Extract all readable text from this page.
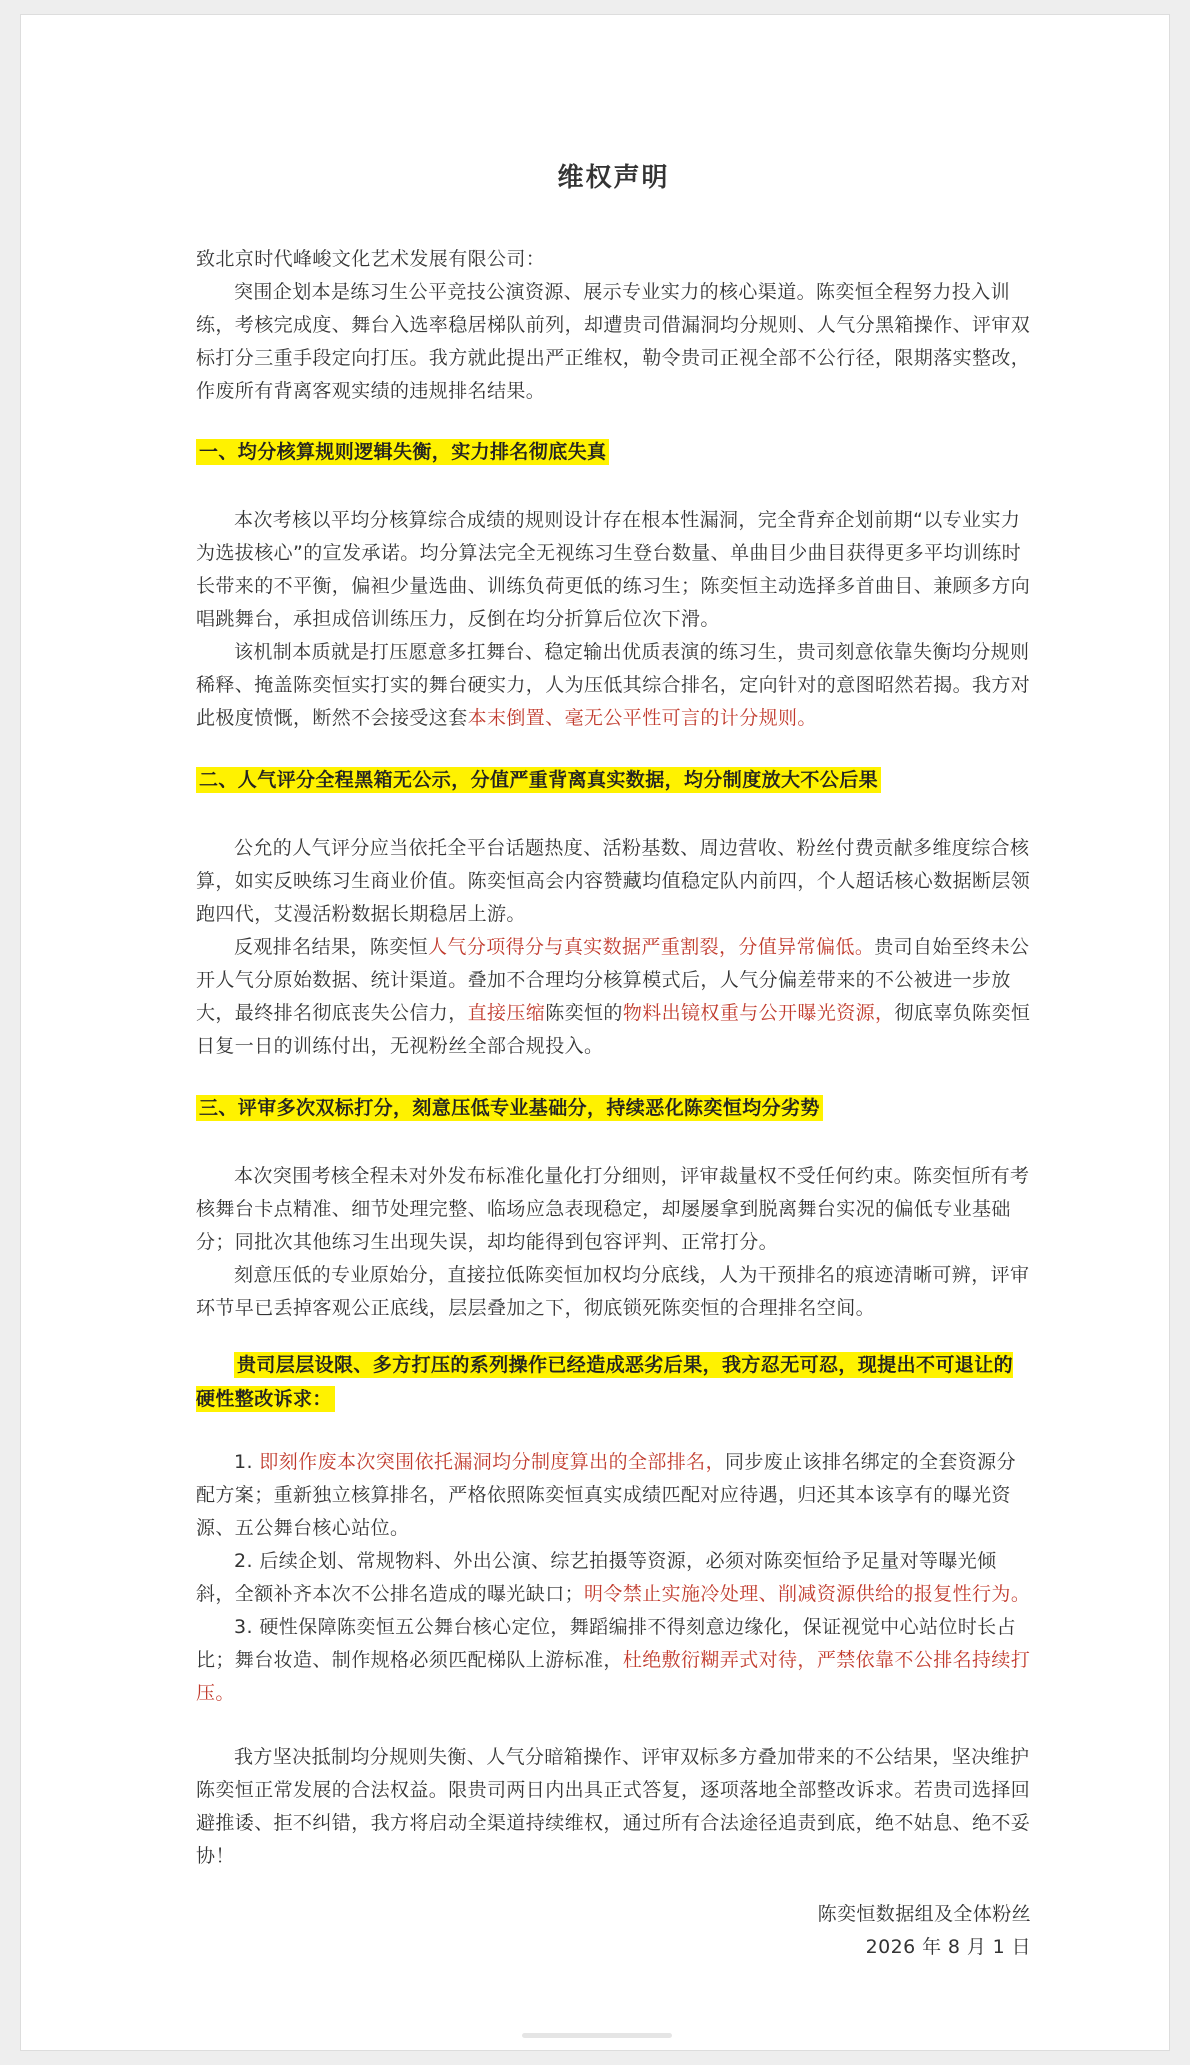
维权声明

致北京时代峰峻文化艺术发展有限公司：

突围企划本是练习生公平竞技公演资源、展示专业实力的核心渠道。陈奕恒全程努力投入训练，考核完成度、舞台入选率稳居梯队前列，却遭贵司借漏洞均分规则、人气分黑箱操作、评审双标打分三重手段定向打压。我方就此提出严正维权，勒令贵司正视全部不公行径，限期落实整改，作废所有背离客观实绩的违规排名结果。

一、均分核算规则逻辑失衡，实力排名彻底失真

本次考核以平均分核算综合成绩的规则设计存在根本性漏洞，完全背弃企划前期“以专业实力为选拔核心”的宣发承诺。均分算法完全无视练习生登台数量、单曲目少曲目获得更多平均训练时长带来的不平衡，偏袒少量选曲、训练负荷更低的练习生；陈奕恒主动选择多首曲目、兼顾多方向唱跳舞台，承担成倍训练压力，反倒在均分折算后位次下滑。

该机制本质就是打压愿意多扛舞台、稳定输出优质表演的练习生，贵司刻意依靠失衡均分规则稀释、掩盖陈奕恒实打实的舞台硬实力，人为压低其综合排名，定向针对的意图昭然若揭。我方对此极度愤慨，断然不会接受这套本末倒置、毫无公平性可言的计分规则。

二、人气评分全程黑箱无公示，分值严重背离真实数据，均分制度放大不公后果

公允的人气评分应当依托全平台话题热度、活粉基数、周边营收、粉丝付费贡献多维度综合核算，如实反映练习生商业价值。陈奕恒高会内容赞藏均值稳定队内前四，个人超话核心数据断层领跑四代，艾漫活粉数据长期稳居上游。

反观排名结果，陈奕恒人气分项得分与真实数据严重割裂，分值异常偏低。贵司自始至终未公开人气分原始数据、统计渠道。叠加不合理均分核算模式后，人气分偏差带来的不公被进一步放大，最终排名彻底丧失公信力，直接压缩陈奕恒的物料出镜权重与公开曝光资源，彻底辜负陈奕恒日复一日的训练付出，无视粉丝全部合规投入。

三、评审多次双标打分，刻意压低专业基础分，持续恶化陈奕恒均分劣势

本次突围考核全程未对外发布标准化量化打分细则，评审裁量权不受任何约束。陈奕恒所有考核舞台卡点精准、细节处理完整、临场应急表现稳定，却屡屡拿到脱离舞台实况的偏低专业基础分；同批次其他练习生出现失误，却均能得到包容评判、正常打分。

刻意压低的专业原始分，直接拉低陈奕恒加权均分底线，人为干预排名的痕迹清晰可辨，评审环节早已丢掉客观公正底线，层层叠加之下，彻底锁死陈奕恒的合理排名空间。

贵司层层设限、多方打压的系列操作已经造成恶劣后果，我方忍无可忍，现提出不可退让的硬性整改诉求：

1. 即刻作废本次突围依托漏洞均分制度算出的全部排名，同步废止该排名绑定的全套资源分配方案；重新独立核算排名，严格依照陈奕恒真实成绩匹配对应待遇，归还其本该享有的曝光资源、五公舞台核心站位。

2. 后续企划、常规物料、外出公演、综艺拍摄等资源，必须对陈奕恒给予足量对等曝光倾斜，全额补齐本次不公排名造成的曝光缺口；明令禁止实施冷处理、削减资源供给的报复性行为。

3. 硬性保障陈奕恒五公舞台核心定位，舞蹈编排不得刻意边缘化，保证视觉中心站位时长占比；舞台妆造、制作规格必须匹配梯队上游标准，杜绝敷衍糊弄式对待，严禁依靠不公排名持续打压。

我方坚决抵制均分规则失衡、人气分暗箱操作、评审双标多方叠加带来的不公结果，坚决维护陈奕恒正常发展的合法权益。限贵司两日内出具正式答复，逐项落地全部整改诉求。若贵司选择回避推诿、拒不纠错，我方将启动全渠道持续维权，通过所有合法途径追责到底，绝不姑息、绝不妥协！

陈奕恒数据组及全体粉丝

2026 年 8 月 1 日
